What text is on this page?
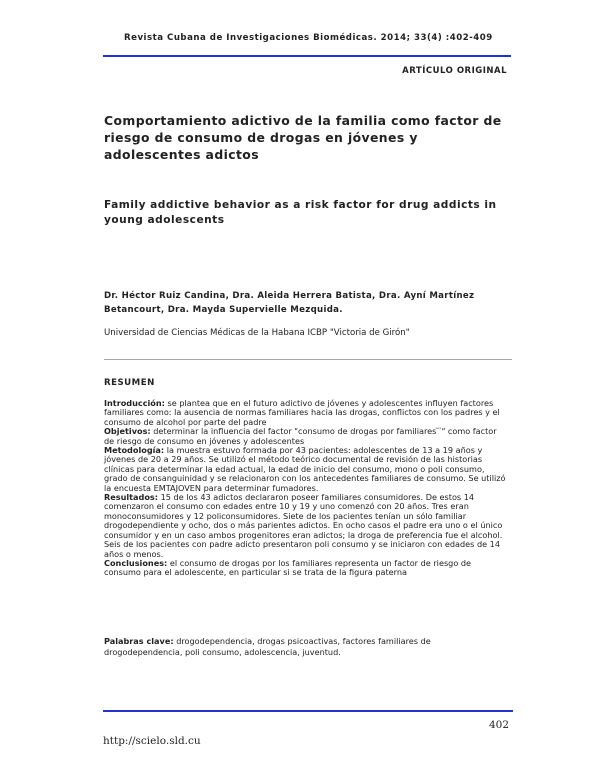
Revista Cubana de Investigaciones Biomédicas. 2014; 33(4) :402-409
ARTÍCULO ORIGINAL
Comportamiento adictivo de la familia como factor de riesgo de consumo de drogas en jóvenes y adolescentes adictos
Family addictive behavior as a risk factor for drug addicts in young adolescents
Dr. Héctor Ruiz Candina, Dra. Aleida Herrera Batista, Dra. Ayní Martínez Betancourt, Dra. Mayda Supervielle Mezquida.
Universidad de Ciencias Médicas de la Habana ICBP "Victoria de Girón"
RESUMEN

Introducción: se plantea que en el futuro adictivo de jóvenes y adolescentes influyen factores familiares como: la ausencia de normas familiares hacia las drogas, conflictos con los padres y el consumo de alcohol por parte del padre

Objetivos: determinar la influencia del factor "consumo de drogas por familiares ̈ ̈" como factor de riesgo de consumo en jóvenes y adolescentes

Metodología: la muestra estuvo formada por 43 pacientes: adolescentes de 13 a 19 años y jóvenes de 20 a 29 años. Se utilizó el método teórico documental de revisión de las historias clínicas para determinar la edad actual, la edad de inicio del consumo, mono o poli consumo, grado de consanguinidad y se relacionaron con los antecedentes familiares de consumo. Se utilizó la encuesta EMTAJOVEN para determinar fumadores.

Resultados: 15 de los 43 adictos declararon poseer familiares consumidores. De estos 14 comenzaron el consumo con edades entre 10 y 19 y uno comenzó con 20 años. Tres eran monoconsumidores y 12 policonsumidores. Siete de los pacientes tenían un sólo familiar drogodependiente y ocho, dos o más parientes adictos. En ocho casos el padre era uno o el único consumidor y en un caso ambos progenitores eran adictos; la droga de preferencia fue el alcohol. Seis de los pacientes con padre adicto presentaron poli consumo y se iniciaron con edades de 14 años o menos.

Conclusiones: el consumo de drogas por los familiares representa un factor de riesgo de consumo para el adolescente, en particular si se trata de la figura paterna

Palabras clave: drogodependencia, drogas psicoactivas, factores familiares de drogodependencia, poli consumo, adolescencia, juventud.
402
http://scielo.sld.cu
